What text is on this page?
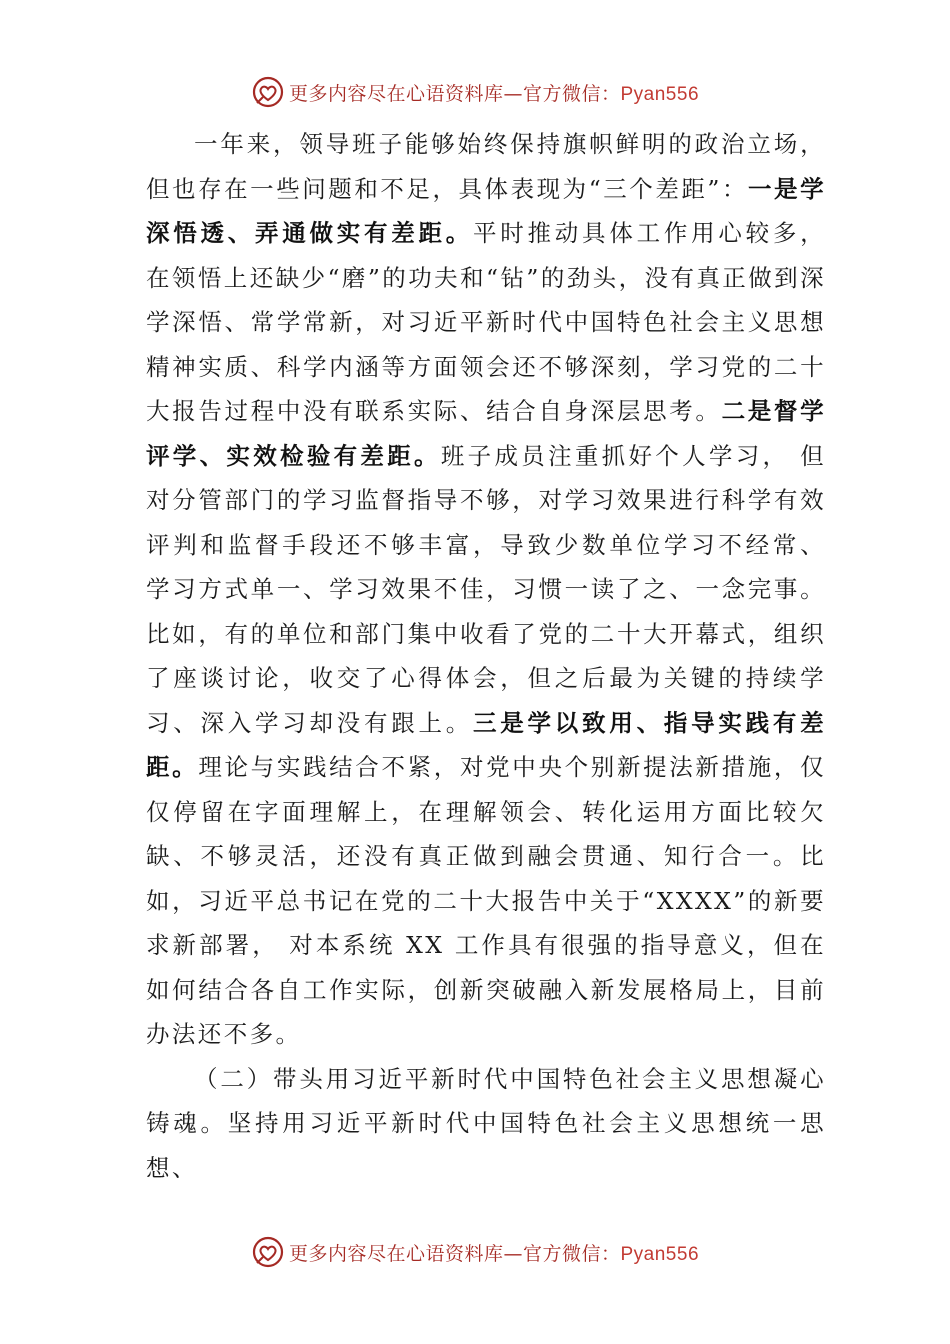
更多内容尽在心语资料库—官方微信：Pyan556

一年来，领导班子能够始终保持旗帜鲜明的政治立场，但也存在一些问题和不足，具体表现为“三个差距”：一是学深悟透、弄通做实有差距。平时推动具体工作用心较多， 在领悟上还缺少“磨”的功夫和“钻”的劲头，没有真正做到深学深悟、常学常新，对习近平新时代中国特色社会主义思想精神实质、科学内涵等方面领会还不够深刻，学习党的二十大报告过程中没有联系实际、结合自身深层思考。二是督学评学、实效检验有差距。班子成员注重抓好个人学习， 但对分管部门的学习监督指导不够，对学习效果进行科学有效评判和监督手段还不够丰富，导致少数单位学习不经常、 学习方式单一、学习效果不佳，习惯一读了之、一念完事。 比如，有的单位和部门集中收看了党的二十大开幕式，组织了座谈讨论，收交了心得体会，但之后最为关键的持续学习、深入学习却没有跟上。三是学以致用、指导实践有差距。理论与实践结合不紧，对党中央个别新提法新措施，仅仅停留在字面理解上，在理解领会、转化运用方面比较欠缺、不够灵活，还没有真正做到融会贯通、知行合一。比如，习近平总书记在党的二十大报告中关于“XXXX”的新要求新部署， 对本系统 XX 工作具有很强的指导意义，但在如何结合各自工作实际，创新突破融入新发展格局上，目前办法还不多。

（二）带头用习近平新时代中国特色社会主义思想凝心铸魂。坚持用习近平新时代中国特色社会主义思想统一思想、

更多内容尽在心语资料库—官方微信：Pyan556
